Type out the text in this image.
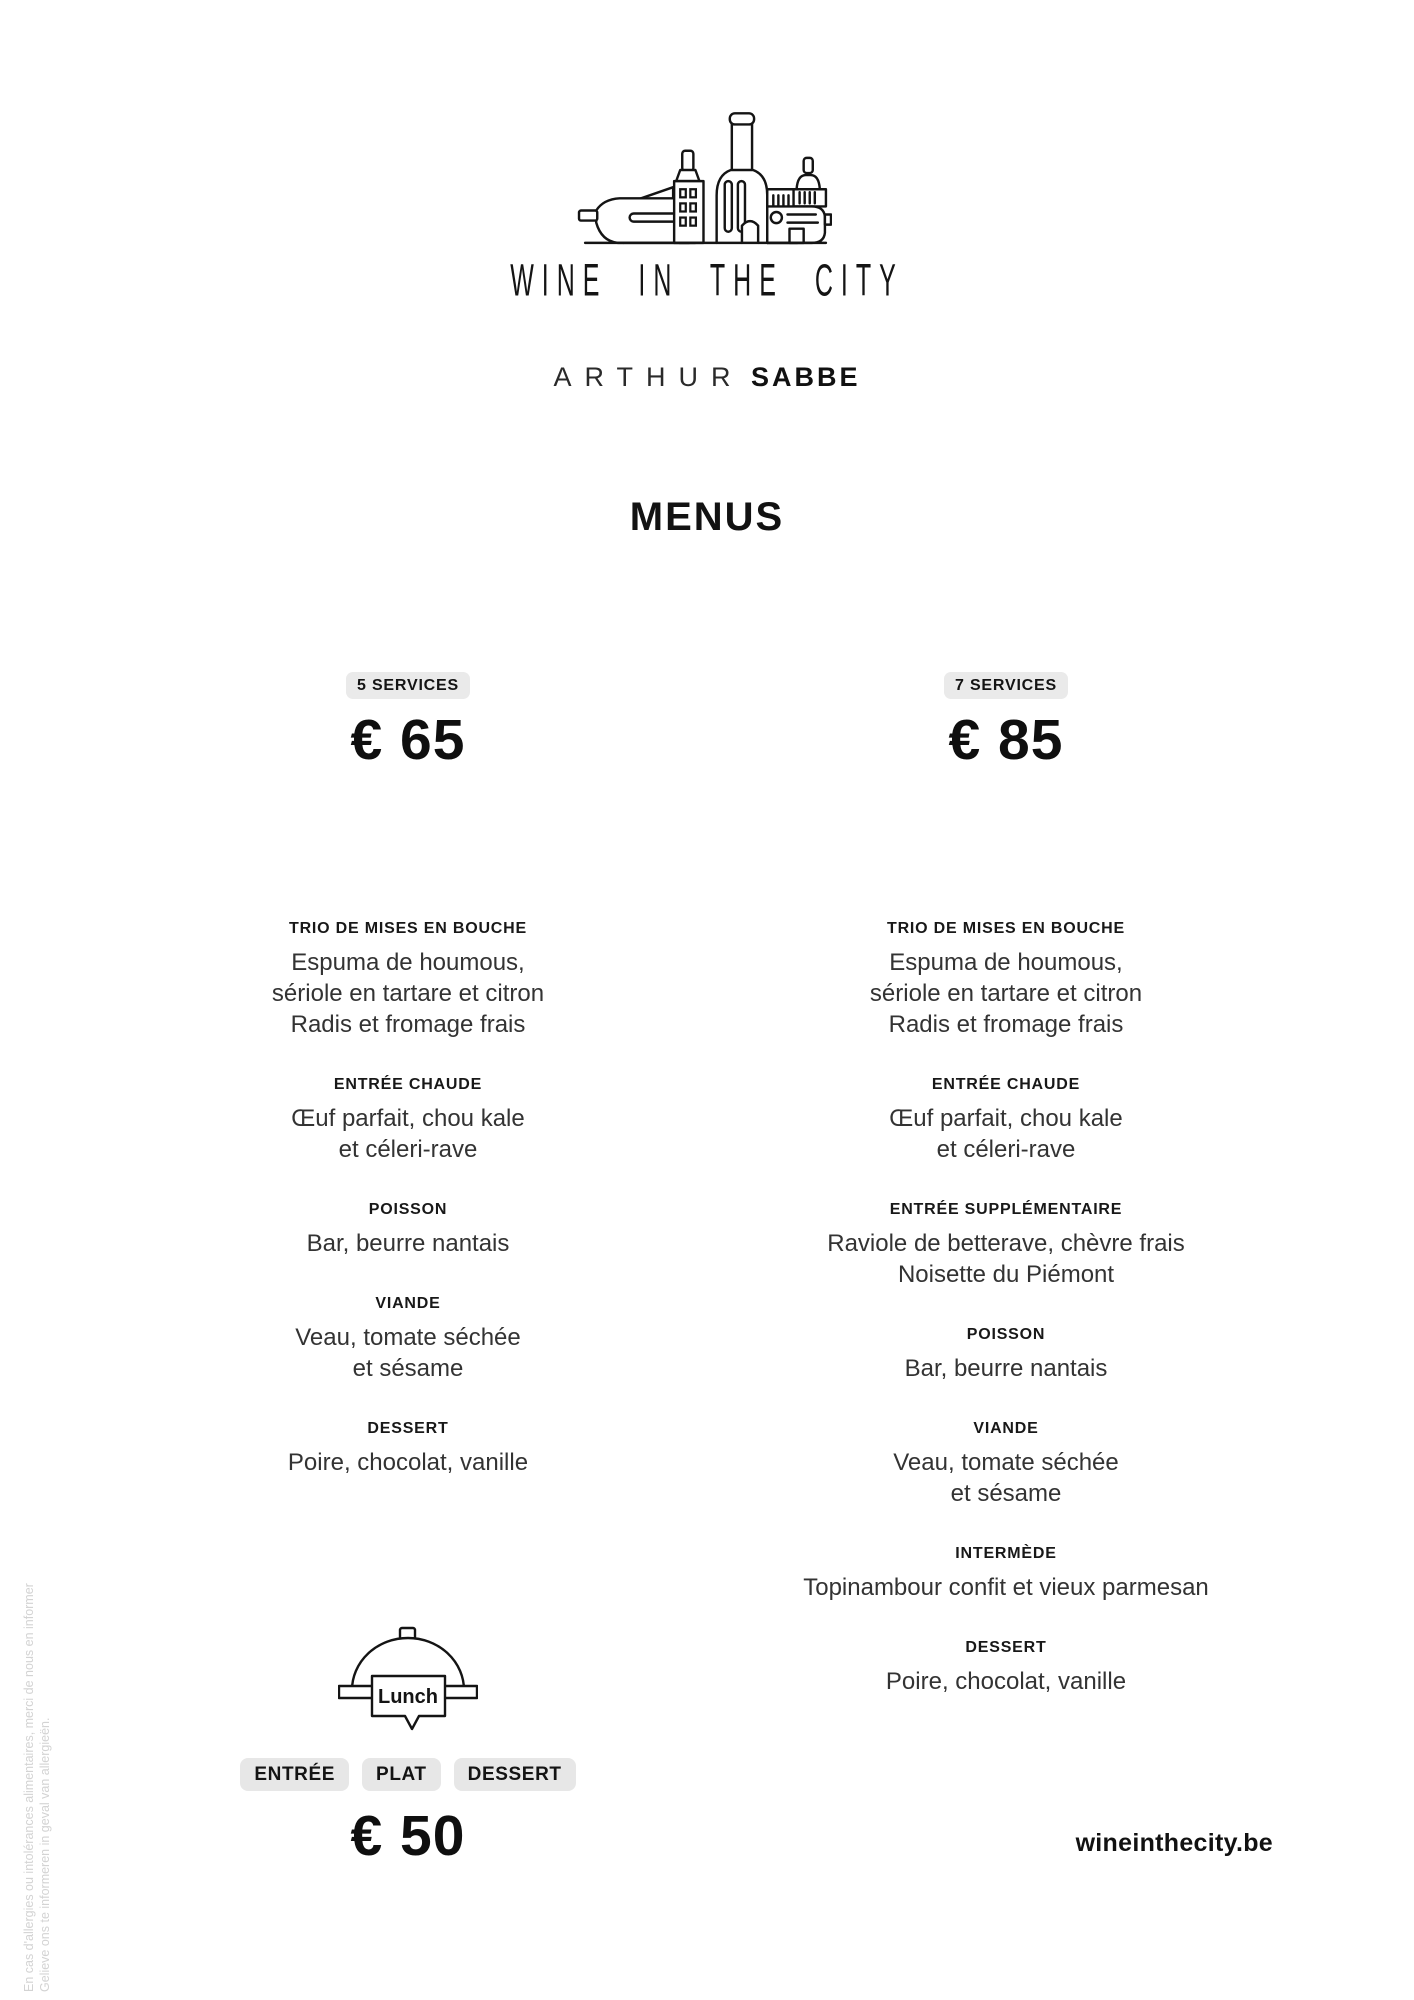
WINE IN THE CITY
ARTHUR SABBE
MENUS
5 SERVICES
€ 65
TRIO DE MISES EN BOUCHE
Espuma de houmous,
sériole en tartare et citron
Radis et fromage frais
ENTRÉE CHAUDE
Œuf parfait, chou kale
et céleri-rave
POISSON
Bar, beurre nantais
VIANDE
Veau, tomate séchée
et sésame
DESSERT
Poire, chocolat, vanille
7 SERVICES
€ 85
TRIO DE MISES EN BOUCHE
Espuma de houmous,
sériole en tartare et citron
Radis et fromage frais
ENTRÉE CHAUDE
Œuf parfait, chou kale
et céleri-rave
ENTRÉE SUPPLÉMENTAIRE
Raviole de betterave, chèvre frais
Noisette du Piémont
POISSON
Bar, beurre nantais
VIANDE
Veau, tomate séchée
et sésame
INTERMÈDE
Topinambour confit et vieux parmesan
DESSERT
Poire, chocolat, vanille
Lunch
ENTRÉE	PLAT	DESSERT
€ 50	wineinthecity.be
En cas d'allergies ou intolérances alimentaires, merci de nous en informer Gelieve ons te informeren in geval van allergieën.
